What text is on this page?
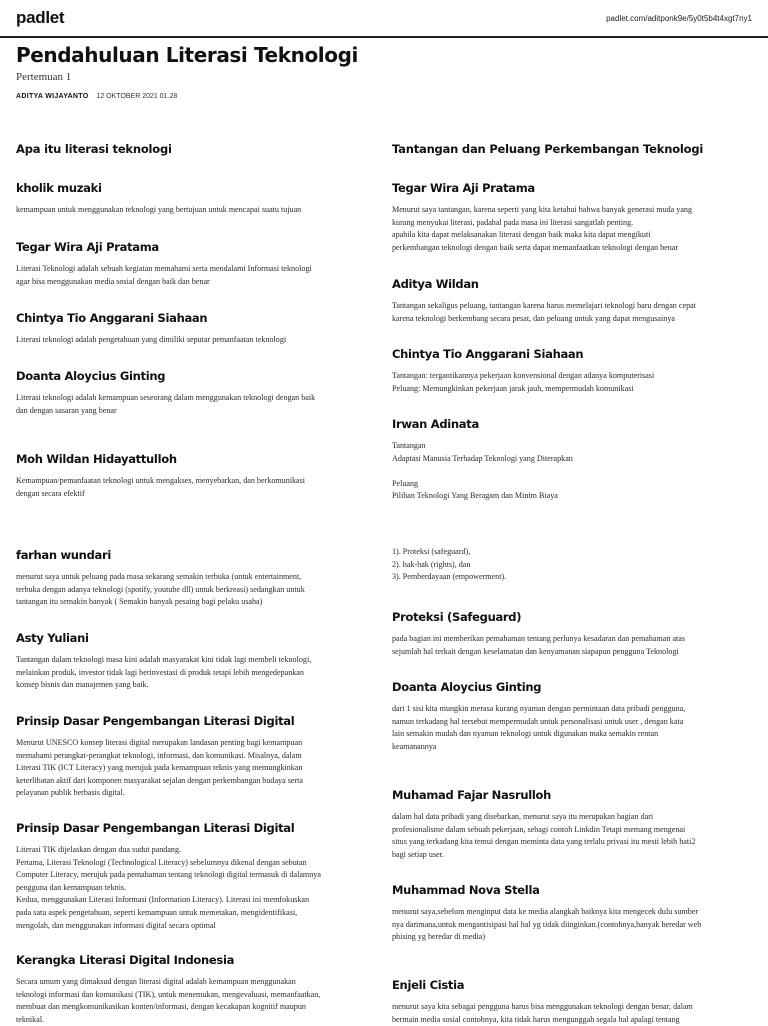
padlet	padlet.com/aditponk9e/5y0t5b4t4xgt7ny1
Pendahuluan Literasi Teknologi
Pertemuan 1
ADITYA WIJAYANTO 12 OKTOBER 2021 01.28
Apa itu literasi teknologi
kholik muzaki

kemampuan untuk menggunakan teknologi yang bertujuan untuk mencapai suatu tujuan

Tegar Wira Aji Pratama

Literasi Teknologi adalah sebuah kegiatan memahami serta mendalami Informasi teknologi
agar bisa menggunakan media sosial dengan baik dan benar

Chintya Tio Anggarani Siahaan

Literasi teknologi adalah pengetahuan yang dimiliki seputar pemanfaatan teknologi

Doanta Aloycius Ginting

Literasi teknologi adalah kemampuan seseorang dalam menggunakan teknologi dengan baik
dan dengan sasaran yang benar

Moh Wildan Hidayattulloh

Kemampuan/pemanfaatan teknologi untuk mengakses, menyebarkan, dan berkomunikasi
dengan secara efektif

farhan wundari

menurut saya untuk peluang pada masa sekarang semakin terbuka (untuk entertainment,
terbuka dengan adanya teknologi (spotify, youtube dll) untuk berkreasi) sedangkan untuk
tantangan itu semakin banyak ( Semakin banyak pesaing bagi pelaku usaha)

Asty Yuliani

Tantangan dalam teknologi masa kini adalah masyarakat kini tidak lagi membeli teknologi,
melainkan produk, investor tidak lagi berinvestasi di produk tetapi lebih mengedepankan
konsep bisnis dan manajemen yang baik.

Prinsip Dasar Pengembangan Literasi Digital

Menurut UNESCO konsep literasi digital merupakan landasan penting bagi kemampuan
memahami perangkat-perangkat teknologi, informasi, dan komunikasi. Misalnya, dalam
Literasi TIK (ICT Literacy) yang merujuk pada kemampuan teknis yang memungkinkan
keterlibatan aktif dari komponen masyarakat sejalan dengan perkembangan budaya serta
pelayanan publik berbasis digital.

Prinsip Dasar Pengembangan Literasi Digital

Literasi TIK dijelaskan dengan dua sudut pandang.
Pertama, Literasi Teknologi (Technological Literacy) sebelumnya dikenal dengan sebutan
Computer Literacy, merujuk pada pemahaman tentang teknologi digital termasuk di dalamnya
pengguna dan kemampuan teknis.
Kedua, menggunakan Literasi Informasi (Information Literacy). Literasi ini memfokuskan
pada satu aspek pengetahuan, seperti kemampuan untuk memetakan, mengidentifikasi,
mengolah, dan menggunakan informasi digital secara optimal

Kerangka Literasi Digital Indonesia

Secara umum yang dimaksud dengan literasi digital adalah kemampuan menggunakan
teknologi informasi dan komunikasi (TIK), untuk menemukan, mengevaluasi, memanfaatkan,
membuat dan mengkomunikasikan konten/informasi, dengan kecakapan kognitif maupun
teknikal.

Tantangan dan Peluang Perkembangan Teknologi
Tegar Wira Aji Pratama

Menurut saya tantangan, karena seperti yang kita ketahui bahwa banyak generasi muda yang
kurang menyukai literasi, padahal pada masa ini literasi sangatlah penting.
apabila kita dapat melaksanakan literasi dengan baik maka kita dapat mengikuti
perkembangan teknologi dengan baik serta dapat memanfaatkan teknologi dengan benar

Aditya Wildan

Tantangan sekaligus peluang, tantangan karena harus memelajari teknologi baru dengan cepat
karena teknologi berkembang secara pesat, dan peluang untuk yang dapat mengusainya

Chintya Tio Anggarani Siahaan

Tantangan: tergantikannya pekerjaan konvensional dengan adanya komputerisasi
Peluang: Memungkinkan pekerjaan jarak jauh, mempermudah komunikasi

Irwan Adinata

Tantangan
Adaptasi Manusia Terhadap Teknologi yang Diterapkan

Peluang
Pilihan Teknologi Yang Beragam dan Minim Biaya

1). Proteksi (safeguard),
2). hak-hak (rights), dan
3). Pemberdayaan (empowerment).

Proteksi (Safeguard)

pada bagian ini memberikan pemahaman tentang perlunya kesadaran dan pemahaman atas
sejumlah hal terkait dengan keselamatan dan kenyamanan siapapun pengguna Teknologi

Doanta Aloycius Ginting

dari 1 sisi kita mungkin merasa kurang nyaman dengan permintaan data pribadi pengguna,
namun terkadang hal tersebut mempermudah untuk personalisasi untuk user , dengan kata
lain semakin mudah dan nyaman teknologi untuk digunakan maka semakin rentan
keamanannya

Muhamad Fajar Nasrulloh

dalam hal data pribadi yang disebarkan, menurut saya itu merupakan bagian dari
profesionalisme dalam sebuah pekerjaan, sebagi contoh Linkdin Tetapi memang mengenai
situs yang terkadang kita temui dengan meminta data yang terlalu privasi itu mesti lebih hati2
bagi setiap user.

Muhammad Nova Stella

menurut saya,sebelum menginput data ke media alangkah baiknya kita mengecek dulu sumber
nya darimana,untuk mengantisipasi hal hal yg tidak diinginkan.(contohnya,banyak beredar web
phising yg beredar di media)

Enjeli Cistia

menurut saya kita sebagai pengguna harus bisa menggunakan teknologi dengan benar, dalam
bermain media sosial contohnya, kita tidak harus mengunggah segala hal apalagi tentang
